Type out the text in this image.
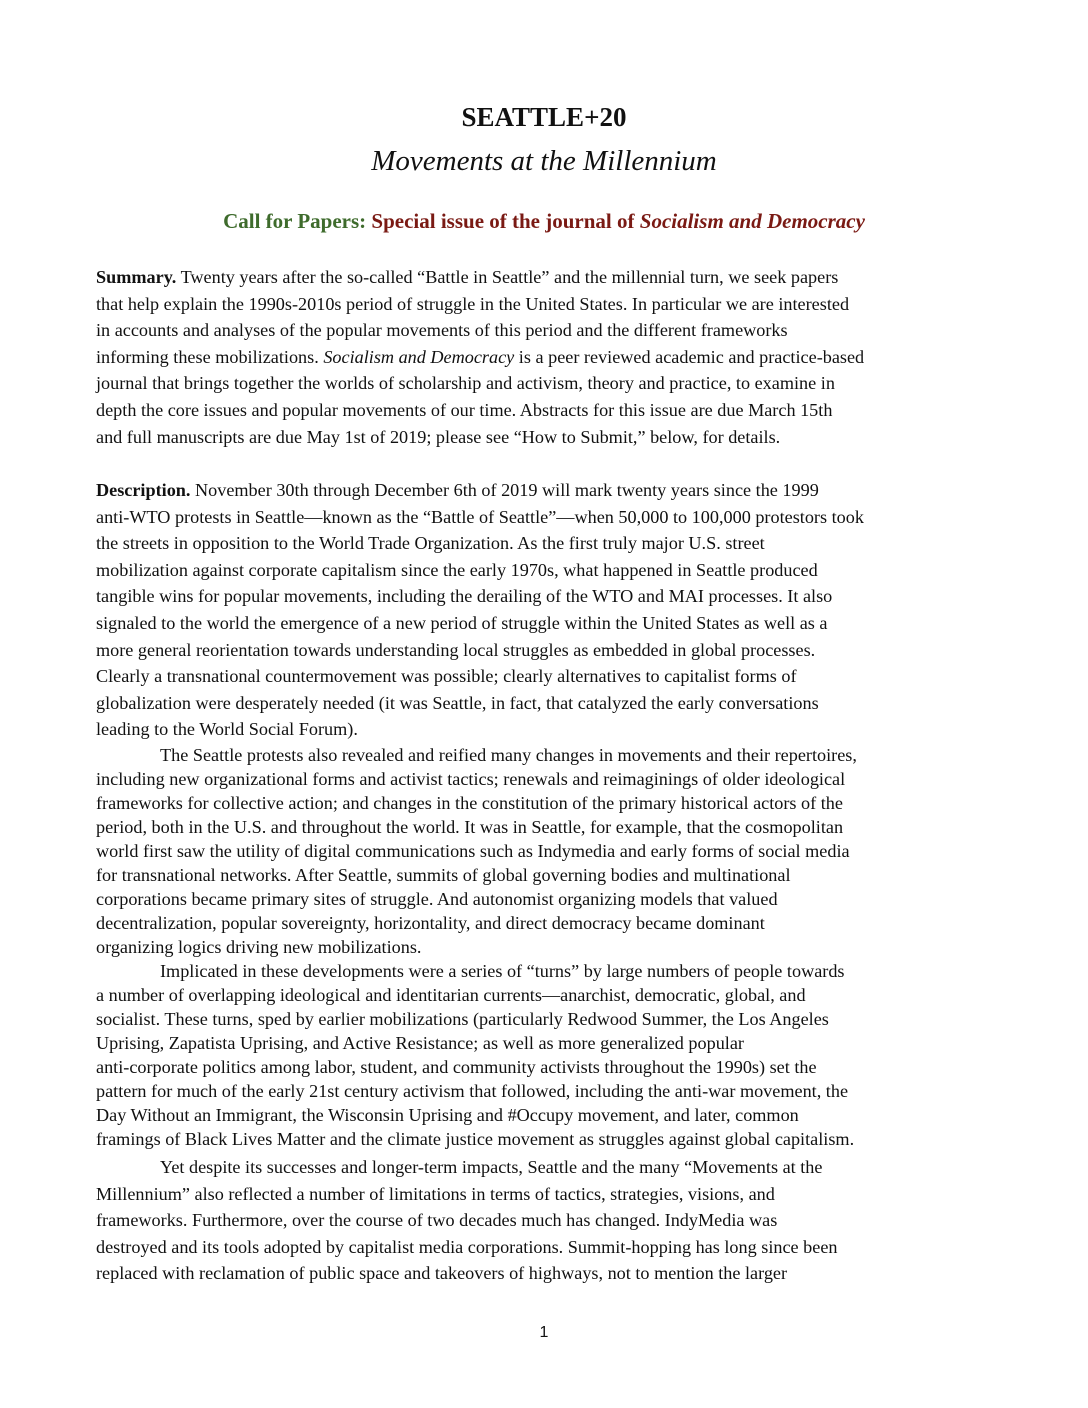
SEATTLE+20
Movements at the Millennium
Call for Papers: Special issue of the journal of Socialism and Democracy
Summary. Twenty years after the so-called “Battle in Seattle” and the millennial turn, we seek papers
that help explain the 1990s-2010s period of struggle in the United States. In particular we are interested
in accounts and analyses of the popular movements of this period and the different frameworks
informing these mobilizations. Socialism and Democracy is a peer reviewed academic and practice-based
journal that brings together the worlds of scholarship and activism, theory and practice, to examine in
depth the core issues and popular movements of our time. Abstracts for this issue are due March 15th
and full manuscripts are due May 1st of 2019; please see “How to Submit,” below, for details.
Description. November 30th through December 6th of 2019 will mark twenty years since the 1999
anti-WTO protests in Seattle—known as the “Battle of Seattle”—when 50,000 to 100,000 protestors took
the streets in opposition to the World Trade Organization. As the first truly major U.S. street
mobilization against corporate capitalism since the early 1970s, what happened in Seattle produced
tangible wins for popular movements, including the derailing of the WTO and MAI processes. It also
signaled to the world the emergence of a new period of struggle within the United States as well as a
more general reorientation towards understanding local struggles as embedded in global processes.
Clearly a transnational countermovement was possible; clearly alternatives to capitalist forms of
globalization were desperately needed (it was Seattle, in fact, that catalyzed the early conversations
leading to the World Social Forum).
The Seattle protests also revealed and reified many changes in movements and their repertoires,
including new organizational forms and activist tactics; renewals and reimaginings of older ideological
frameworks for collective action; and changes in the constitution of the primary historical actors of the
period, both in the U.S. and throughout the world. It was in Seattle, for example, that the cosmopolitan
world first saw the utility of digital communications such as Indymedia and early forms of social media
for transnational networks. After Seattle, summits of global governing bodies and multinational
corporations became primary sites of struggle. And autonomist organizing models that valued
decentralization, popular sovereignty, horizontality, and direct democracy became dominant
organizing logics driving new mobilizations.
Implicated in these developments were a series of “turns” by large numbers of people towards
a number of overlapping ideological and identitarian currents—anarchist, democratic, global, and
socialist. These turns, sped by earlier mobilizations (particularly Redwood Summer, the Los Angeles
Uprising, Zapatista Uprising, and Active Resistance; as well as more generalized popular
anti-corporate politics among labor, student, and community activists throughout the 1990s) set the
pattern for much of the early 21st century activism that followed, including the anti-war movement, the
Day Without an Immigrant, the Wisconsin Uprising and #Occupy movement, and later, common
framings of Black Lives Matter and the climate justice movement as struggles against global capitalism.
Yet despite its successes and longer-term impacts, Seattle and the many “Movements at the
Millennium” also reflected a number of limitations in terms of tactics, strategies, visions, and
frameworks. Furthermore, over the course of two decades much has changed. IndyMedia was
destroyed and its tools adopted by capitalist media corporations. Summit-hopping has long since been
replaced with reclamation of public space and takeovers of highways, not to mention the larger
1
